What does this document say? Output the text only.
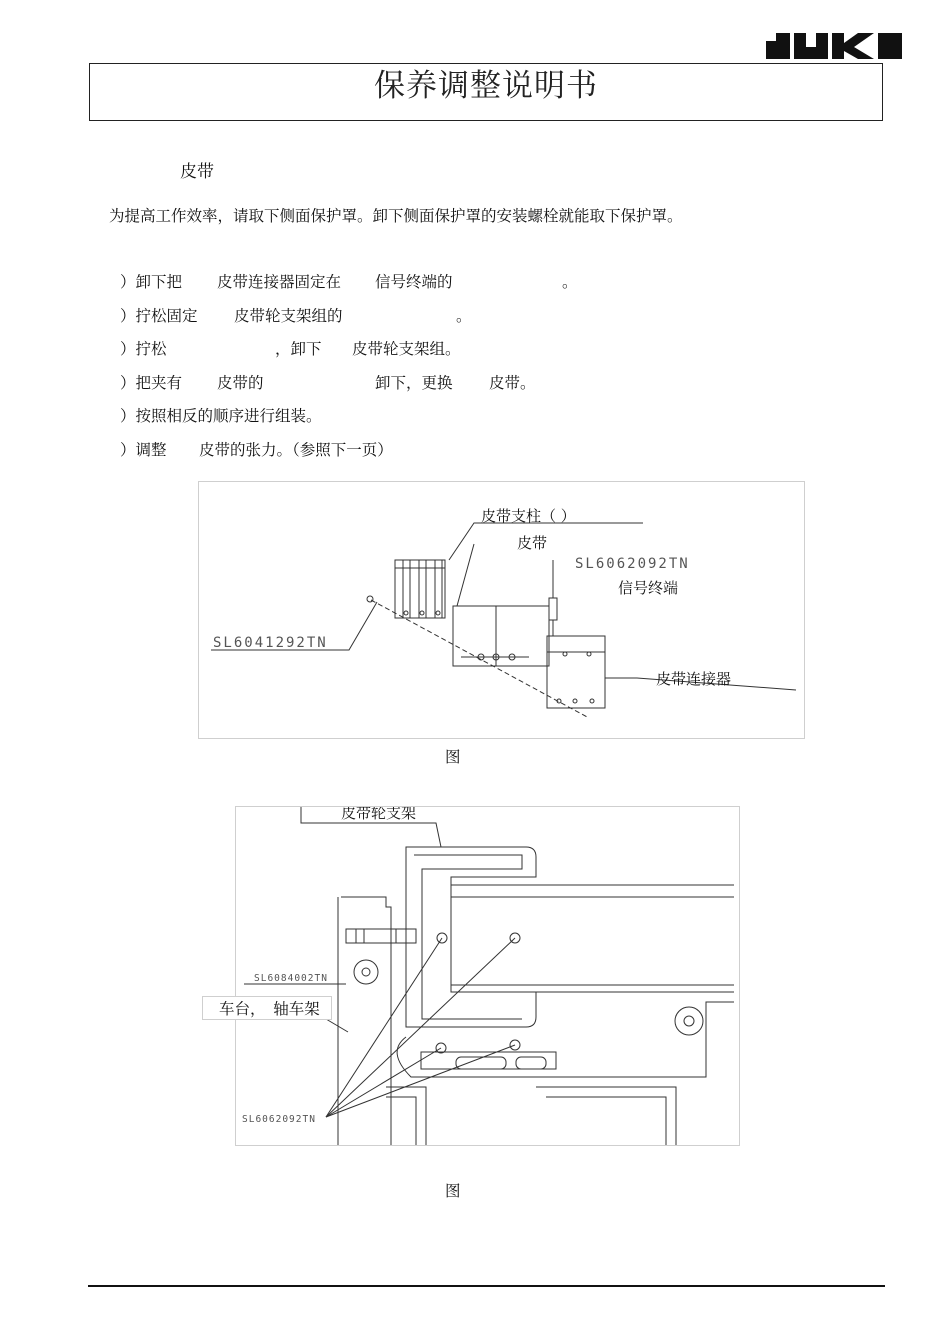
保养调整说明书
皮带
为提高工作效率，请取下侧面保护罩。卸下侧面保护罩的安装螺栓就能取下保护罩。
）卸下把 皮带连接器固定在 信号终端的	。
）拧松固定 皮带轮支架组的	。
）拧松	，卸下 皮带轮支架组。
）把夹有 皮带的	卸下，更换 皮带。
）按照相反的顺序进行组装。
）调整 皮带的张力。（参照下一页）
皮带支柱（ ）
皮带
SL6062092TN
信号终端
SL6041292TN
皮带连接器
图
皮带轮支架
SL6084002TN
SL6062092TN
车台，　轴车架
图
